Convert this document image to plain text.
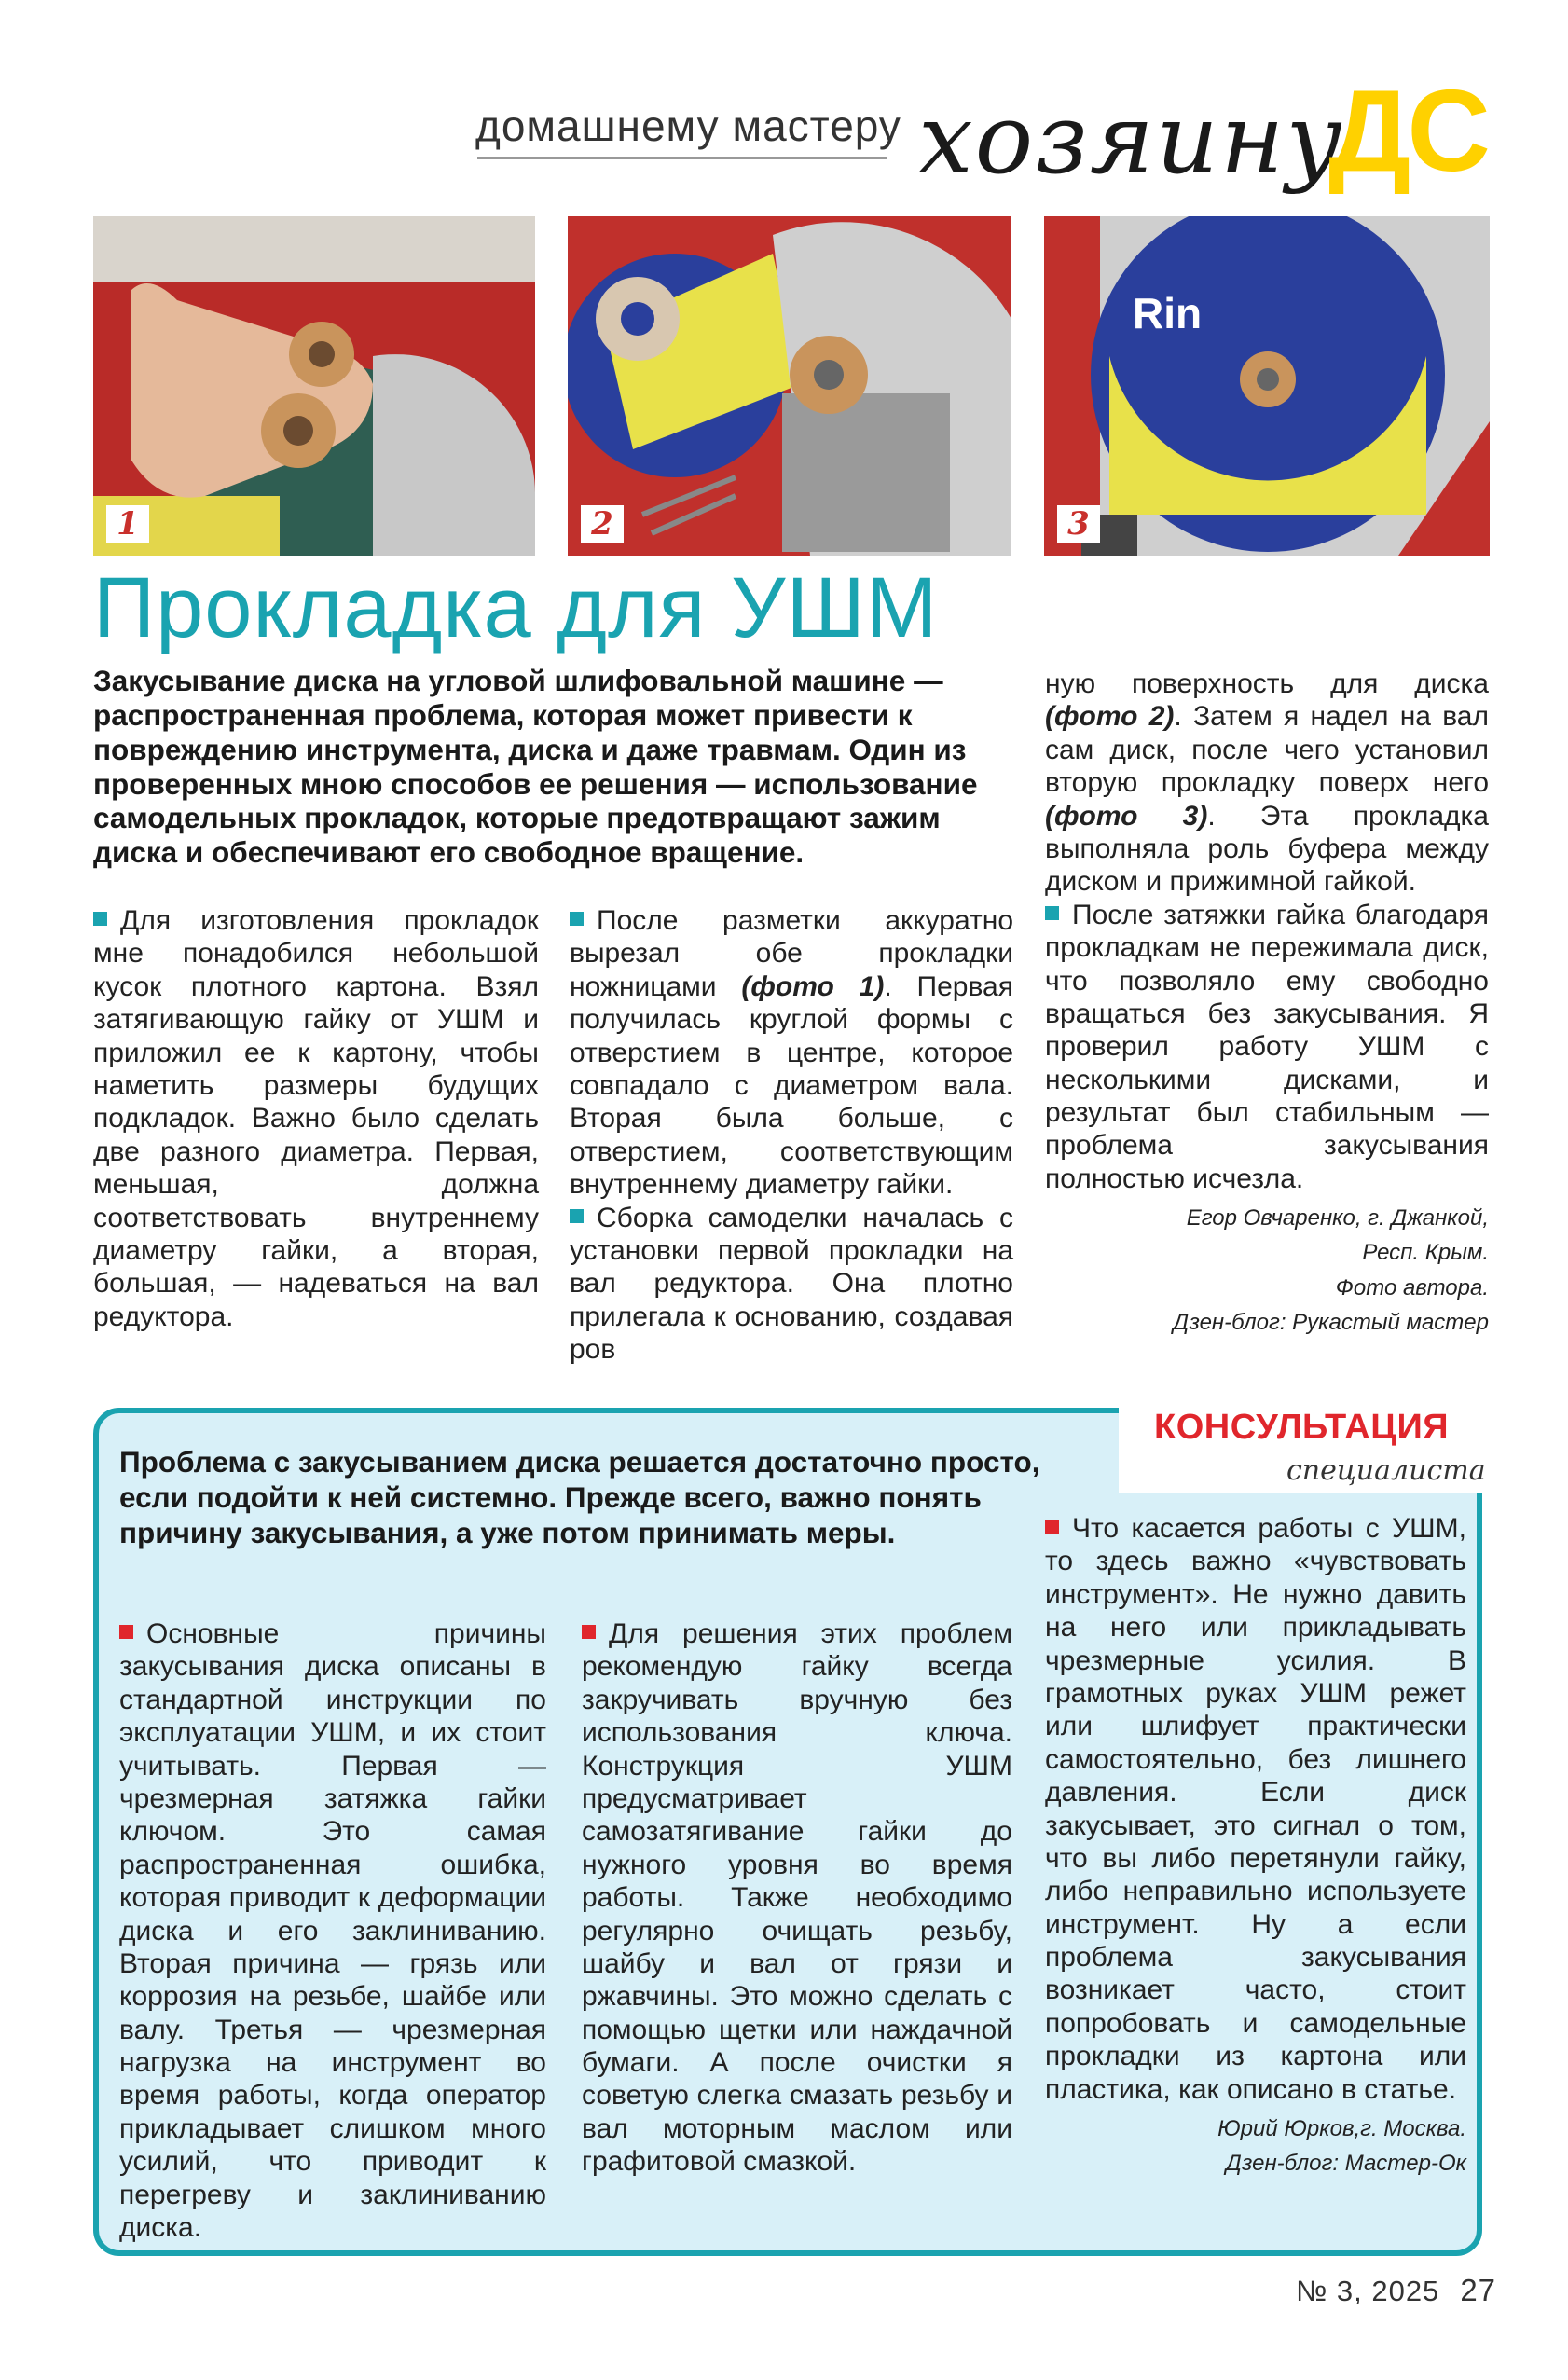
домашнему мастеру хозяину
ДС
1	2
Rin
3
Прокладка для УШМ
Закусывание диска на угловой шлифовальной машине — распространенная проблема, которая может привести к повреждению инструмента, диска и даже травмам. Один из проверенных мною способов ее решения — использование самодельных прокладок, которые предотвращают зажим диска и обеспечивают его свободное вращение.

Для изготовления прокладок мне понадобился небольшой кусок плотного картона. Взял затягивающую гайку от УШМ и приложил ее к картону, чтобы наметить размеры будущих подкладок. Важно было сделать две разного диаметра. Первая, меньшая, должна соответствовать внутреннему диаметру гайки, а вторая, большая, — надеваться на вал редуктора.

После разметки аккуратно вырезал обе прокладки ножницами (фото 1). Первая получилась круглой формы с отверстием в центре, которое совпадало с диаметром вала. Вторая была больше, с отверстием, соответствующим внутреннему диаметру гайки.

Сборка самоделки началась с установки первой прокладки на вал редуктора. Она плотно прилегала к основанию, создавая ров

ную поверхность для диска (фото 2). Затем я надел на вал сам диск, после чего установил вторую прокладку поверх него (фото 3). Эта прокладка выполняла роль буфера между диском и прижимной гайкой.

После затяжки гайка благодаря прокладкам не пережимала диск, что позволяло ему свободно вращаться без закусывания. Я проверил работу УШМ с несколькими дисками, и результат был стабильным — проблема закусывания полностью исчезла.

Егор Овчаренко, г. Джанкой,
Респ. Крым.
Фото автора.
Дзен-блог: Рукастый мастер
КОНСУЛЬТАЦИЯ
специалиста
Проблема с закусыванием диска решается достаточно просто, если подойти к ней системно. Прежде всего, важно понять причину закусывания, а уже потом принимать меры.

Основные причины закусывания диска описаны в стандартной инструкции по эксплуатации УШМ, и их стоит учитывать. Первая — чрезмерная затяжка гайки ключом. Это самая распространенная ошибка, которая приводит к деформации диска и его заклиниванию. Вторая причина — грязь или коррозия на резьбе, шайбе или валу. Третья — чрезмерная нагрузка на инструмент во время работы, когда оператор прикладывает слишком много усилий, что приводит к перегреву и заклиниванию диска.

Для решения этих проблем рекомендую гайку всегда закручивать вручную без использования ключа. Конструкция УШМ предусматривает самозатягивание гайки до нужного уровня во время работы. Также необходимо регулярно очищать резьбу, шайбу и вал от грязи и ржавчины. Это можно сделать с помощью щетки или наждачной бумаги. А после очистки я советую слегка смазать резьбу и вал моторным маслом или графитовой смазкой.

Что касается работы с УШМ, то здесь важно «чувствовать инструмент». Не нужно давить на него или прикладывать чрезмерные усилия. В грамотных руках УШМ режет или шлифует практически самостоятельно, без лишнего давления. Если диск закусывает, это сигнал о том, что вы либо перетянули гайку, либо неправильно используете инструмент. Ну а если проблема закусывания возникает часто, стоит попробовать и самодельные прокладки из картона или пластика, как описано в статье.

Юрий Юрков,г. Москва.
Дзен-блог: Мастер-Ок
№ 3, 2025 27
